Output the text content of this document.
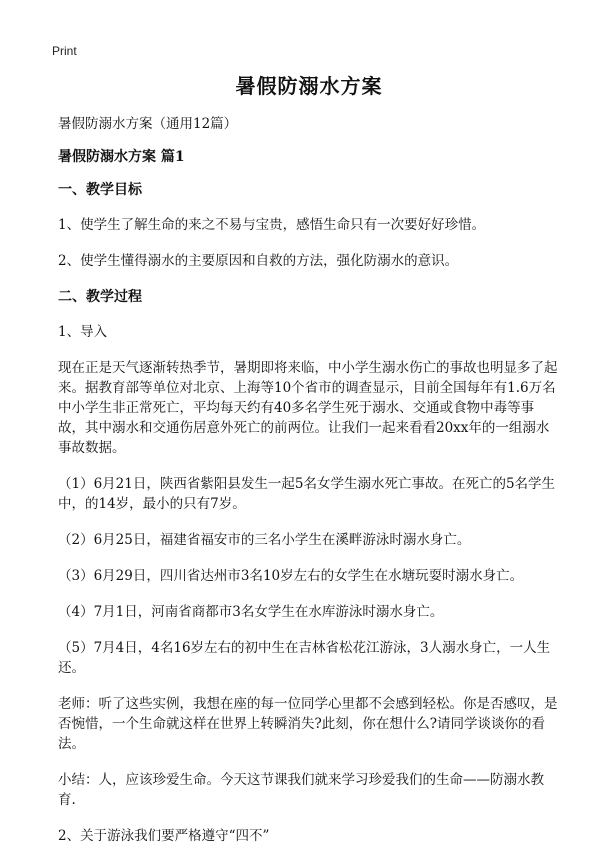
Print
暑假防溺水方案

暑假防溺水方案（通用12篇）

暑假防溺水方案 篇1

一、教学目标

1、使学生了解生命的来之不易与宝贵，感悟生命只有一次要好好珍惜。

2、使学生懂得溺水的主要原因和自救的方法，强化防溺水的意识。

二、教学过程

1、导入

现在正是天气逐渐转热季节，暑期即将来临，中小学生溺水伤亡的事故也明显多了起来。据教育部等单位对北京、上海等10个省市的调查显示，目前全国每年有1.6万名中小学生非正常死亡，平均每天约有40多名学生死于溺水、交通或食物中毒等事故，其中溺水和交通伤居意外死亡的前两位。让我们一起来看看20xx年的一组溺水事故数据。

（1）6月21日，陕西省紫阳县发生一起5名女学生溺水死亡事故。在死亡的5名学生中，的14岁，最小的只有7岁。

（2）6月25日，福建省福安市的三名小学生在溪畔游泳时溺水身亡。

（3）6月29日，四川省达州市3名10岁左右的女学生在水塘玩耍时溺水身亡。

（4）7月1日，河南省商都市3名女学生在水库游泳时溺水身亡。

（5）7月4日，4名16岁左右的初中生在吉林省松花江游泳，3人溺水身亡，一人生还。

老师：听了这些实例，我想在座的每一位同学心里都不会感到轻松。你是否感叹，是否惋惜，一个生命就这样在世界上转瞬消失?此刻，你在想什么?请同学谈谈你的看法。

小结：人，应该珍爱生命。今天这节课我们就来学习珍爱我们的生命——防溺水教育.

2、关于游泳我们要严格遵守“四不”
